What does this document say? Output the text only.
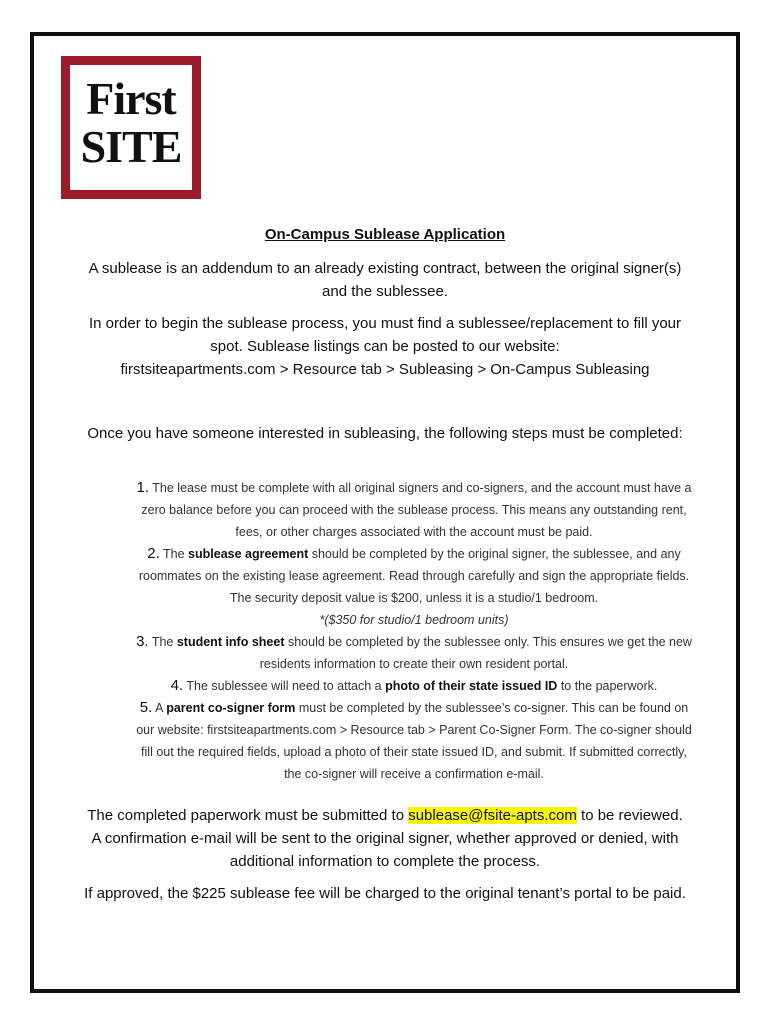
First
SITE
On-Campus Sublease Application
A sublease is an addendum to an already existing contract, between the original signer(s) and the sublessee.
In order to begin the sublease process, you must find a sublessee/replacement to fill your spot. Sublease listings can be posted to our website:
firstsiteapartments.com > Resource tab > Subleasing > On-Campus Subleasing
Once you have someone interested in subleasing, the following steps must be completed:
1. The lease must be complete with all original signers and co-signers, and the account must have a zero balance before you can proceed with the sublease process. This means any outstanding rent, fees, or other charges associated with the account must be paid.
2. The sublease agreement should be completed by the original signer, the sublessee, and any roommates on the existing lease agreement. Read through carefully and sign the appropriate fields. The security deposit value is $200, unless it is a studio/1 bedroom.
*($350 for studio/1 bedroom units)
3. The student info sheet should be completed by the sublessee only. This ensures we get the new residents information to create their own resident portal.
4. The sublessee will need to attach a photo of their state issued ID to the paperwork.
5. A parent co-signer form must be completed by the sublessee’s co-signer. This can be found on our website: firstsiteapartments.com > Resource tab > Parent Co-Signer Form. The co-signer should fill out the required fields, upload a photo of their state issued ID, and submit. If submitted correctly, the co-signer will receive a confirmation e-mail.
The completed paperwork must be submitted to sublease@fsite-apts.com to be reviewed. A confirmation e-mail will be sent to the original signer, whether approved or denied, with additional information to complete the process.
If approved, the $225 sublease fee will be charged to the original tenant’s portal to be paid.
